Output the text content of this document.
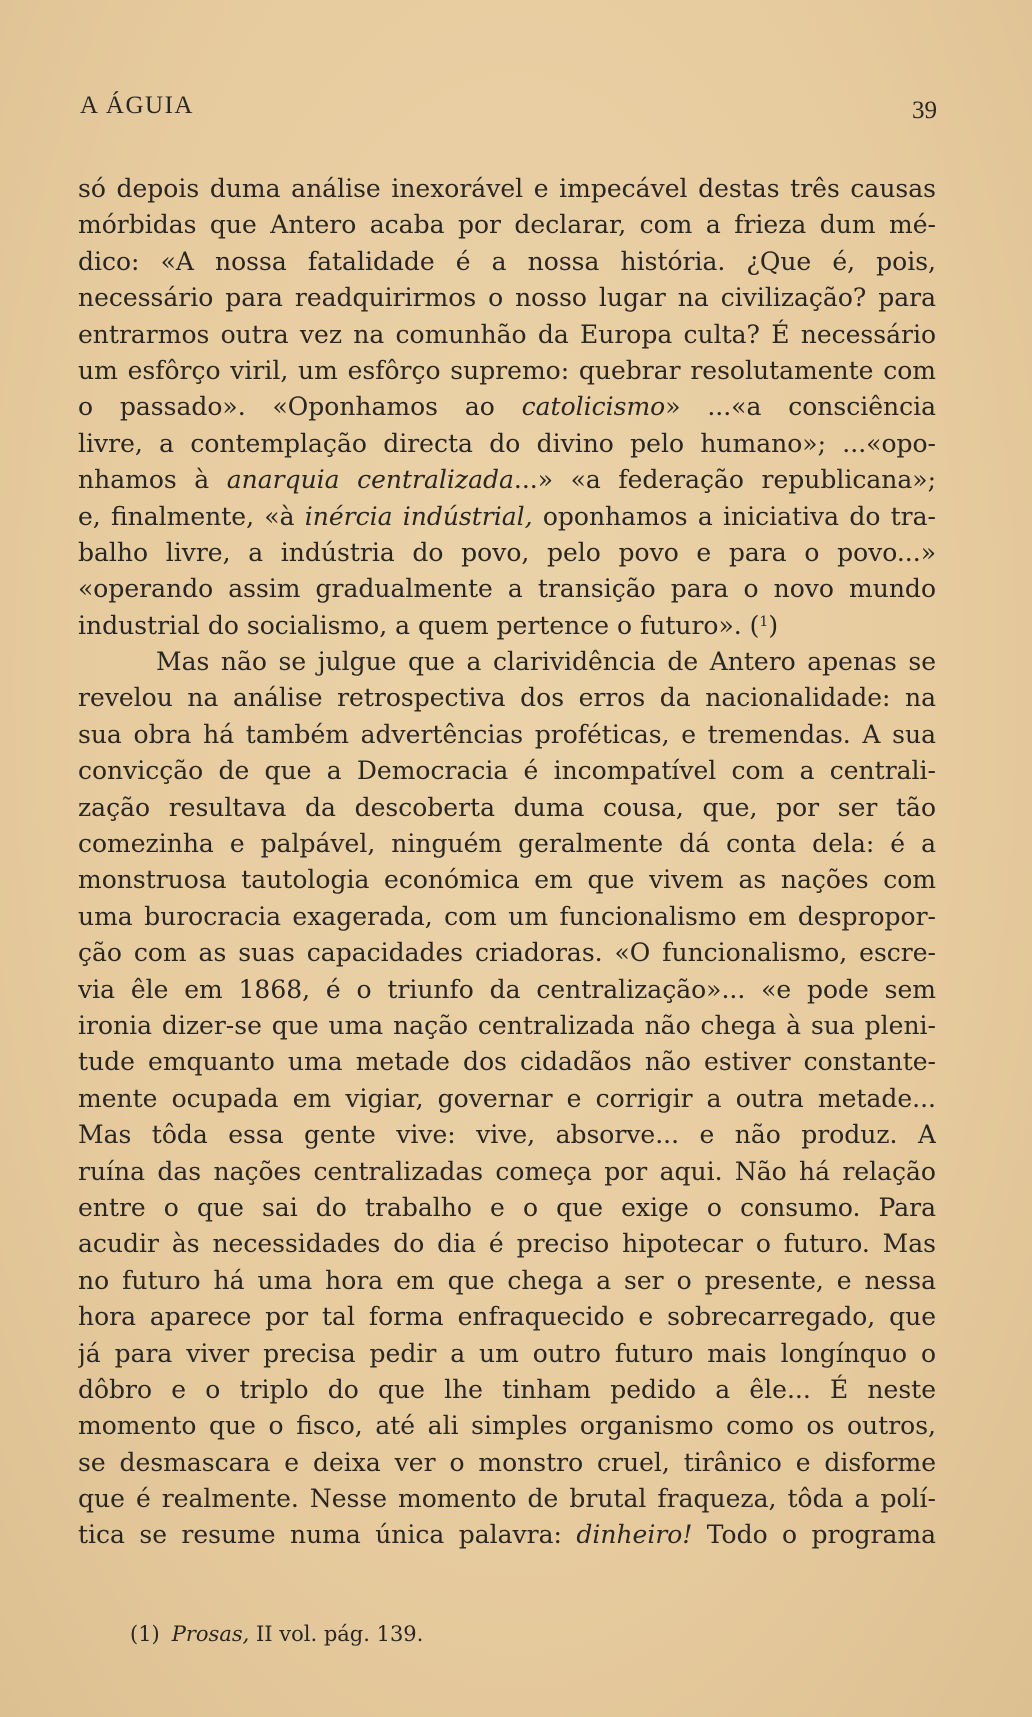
A ÁGUIA	39
só depois duma análise inexorável e impecável destas três causas
mórbidas que Antero acaba por declarar, com a frieza dum mé-
dico: «A nossa fatalidade é a nossa história. ¿Que é, pois,
necessário para readquirirmos o nosso lugar na civilização? para
entrarmos outra vez na comunhão da Europa culta? É necessário
um esfôrço viril, um esfôrço supremo: quebrar resolutamente com
o passado». «Oponhamos ao catolicismo» ...«a consciência
livre, a contemplação directa do divino pelo humano»; ...«opo-
nhamos à anarquia centralizada...» «a federação republicana»;
e, finalmente, «à inércia indústrial, oponhamos a iniciativa do tra-
balho livre, a indústria do povo, pelo povo e para o povo...»
«operando assim gradualmente a transição para o novo mundo
industrial do socialismo, a quem pertence o futuro». ($^1$)
Mas não se julgue que a clarividência de Antero apenas se
revelou na análise retrospectiva dos erros da nacionalidade: na
sua obra há também advertências proféticas, e tremendas. A sua
convicção de que a Democracia é incompatível com a centrali-
zação resultava da descoberta duma cousa, que, por ser tão
comezinha e palpável, ninguém geralmente dá conta dela: é a
monstruosa tautologia económica em que vivem as nações com
uma burocracia exagerada, com um funcionalismo em despropor-
ção com as suas capacidades criadoras. «O funcionalismo, escre-
via êle em 1868, é o triunfo da centralização»... «e pode sem
ironia dizer-se que uma nação centralizada não chega à sua pleni-
tude emquanto uma metade dos cidadãos não estiver constante-
mente ocupada em vigiar, governar e corrigir a outra metade...
Mas tôda essa gente vive: vive, absorve... e não produz. A
ruína das nações centralizadas começa por aqui. Não há relação
entre o que sai do trabalho e o que exige o consumo. Para
acudir às necessidades do dia é preciso hipotecar o futuro. Mas
no futuro há uma hora em que chega a ser o presente, e nessa
hora aparece por tal forma enfraquecido e sobrecarregado, que
já para viver precisa pedir a um outro futuro mais longínquo o
dôbro e o triplo do que lhe tinham pedido a êle... É neste
momento que o fisco, até ali simples organismo como os outros,
se desmascara e deixa ver o monstro cruel, tirânico e disforme
que é realmente. Nesse momento de brutal fraqueza, tôda a polí-
tica se resume numa única palavra: dinheiro! Todo o programa
(1) Prosas, II vol. pág. 139.
